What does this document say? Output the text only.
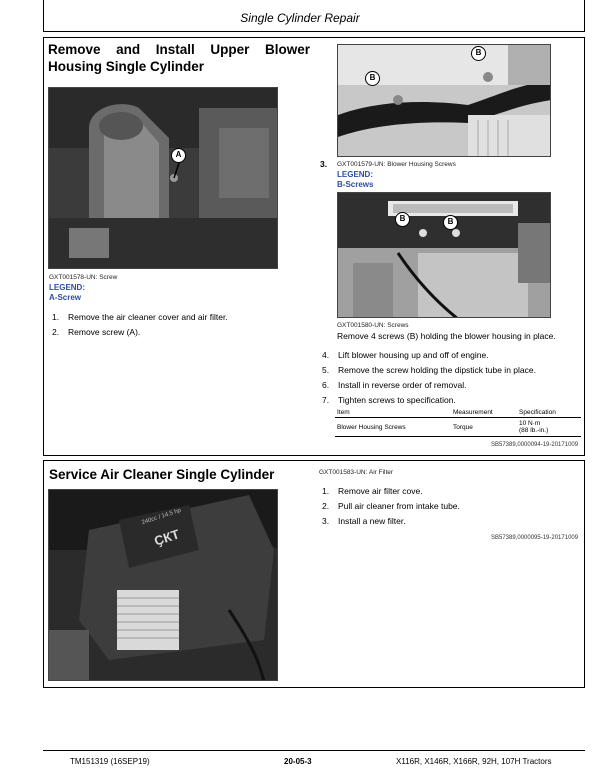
Single Cylinder Repair
Remove and Install Upper Blower
Housing Single Cylinder
A
GXT001578-UN: Screw
LEGEND:
A-Screw
1. Remove the air cleaner cover and air filter.
2. Remove screw (A).
3.
B
B
GXT001579-UN: Blower Housing Screws
LEGEND:
B-Screws
B	B
GXT001580-UN: Screws
Remove 4 screws (B) holding the blower housing in place.
4. Lift blower housing up and off of engine.
5. Remove the screw holding the dipstick tube in place.
6. Install in reverse order of removal.
7. Tighten screws to specification.
Item	Measurement	Specification
Blower Housing Screws	Torque	10 N·m
(88 lb.-in.)
SB57389,0000094-19-20171009
Service Air Cleaner Single Cylinder
ҪКТ
240cc / 14.5 hp
GXT001583-UN: Air Filter
1. Remove air filter cove.
2. Pull air cleaner from intake tube.
3. Install a new filter.
SB57389,0000095-19-20171009
TM151319 (16SEP19)	20-05-3	X116R, X146R, X166R, 92H, 107H Tractors
